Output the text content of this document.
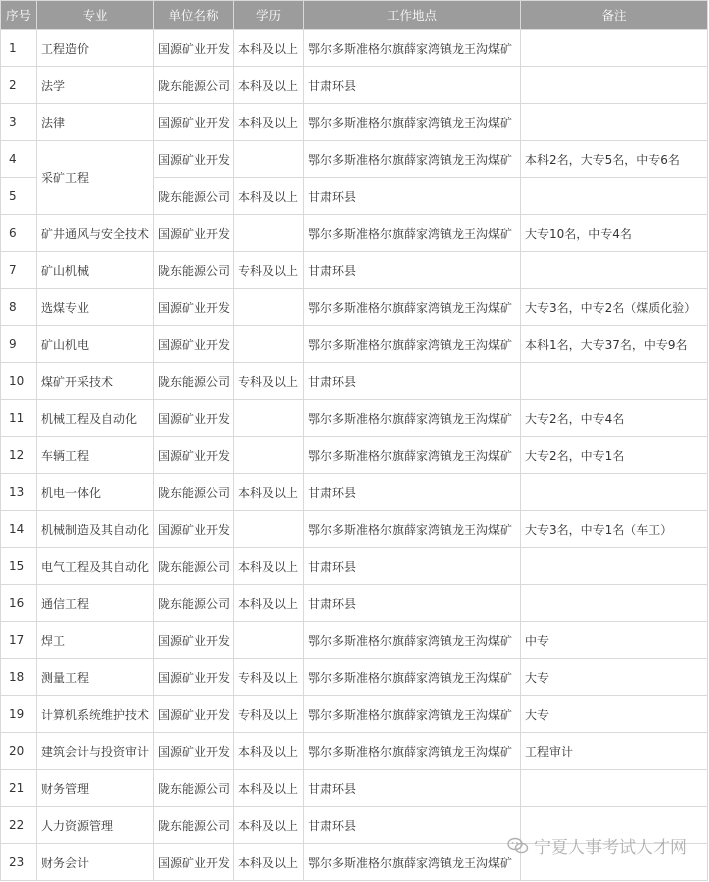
序号	专业	单位名称	学历	工作地点	备注
1	工程造价	国源矿业开发	本科及以上	鄂尔多斯准格尔旗薛家湾镇龙王沟煤矿	
2	法学	陇东能源公司	本科及以上	甘肃环县	
3	法律	国源矿业开发	本科及以上	鄂尔多斯准格尔旗薛家湾镇龙王沟煤矿	
4	采矿工程	国源矿业开发		鄂尔多斯准格尔旗薛家湾镇龙王沟煤矿	本科2名，大专5名，中专6名
5		陇东能源公司	本科及以上	甘肃环县	
6	矿井通风与安全技术	国源矿业开发		鄂尔多斯准格尔旗薛家湾镇龙王沟煤矿	大专10名，中专4名
7	矿山机械	陇东能源公司	专科及以上	甘肃环县	
8	选煤专业	国源矿业开发		鄂尔多斯准格尔旗薛家湾镇龙王沟煤矿	大专3名，中专2名（煤质化验）
9	矿山机电	国源矿业开发		鄂尔多斯准格尔旗薛家湾镇龙王沟煤矿	本科1名，大专37名，中专9名
10	煤矿开采技术	陇东能源公司	专科及以上	甘肃环县	
11	机械工程及自动化	国源矿业开发		鄂尔多斯准格尔旗薛家湾镇龙王沟煤矿	大专2名，中专4名
12	车辆工程	国源矿业开发		鄂尔多斯准格尔旗薛家湾镇龙王沟煤矿	大专2名，中专1名
13	机电一体化	陇东能源公司	本科及以上	甘肃环县	
14	机械制造及其自动化	国源矿业开发		鄂尔多斯准格尔旗薛家湾镇龙王沟煤矿	大专3名，中专1名（车工）
15	电气工程及其自动化	陇东能源公司	本科及以上	甘肃环县	
16	通信工程	陇东能源公司	本科及以上	甘肃环县	
17	焊工	国源矿业开发		鄂尔多斯准格尔旗薛家湾镇龙王沟煤矿	中专
18	测量工程	国源矿业开发	专科及以上	鄂尔多斯准格尔旗薛家湾镇龙王沟煤矿	大专
19	计算机系统维护技术	国源矿业开发	专科及以上	鄂尔多斯准格尔旗薛家湾镇龙王沟煤矿	大专
20	建筑会计与投资审计	国源矿业开发	本科及以上	鄂尔多斯准格尔旗薛家湾镇龙王沟煤矿	工程审计
21	财务管理	陇东能源公司	本科及以上	甘肃环县	
22	人力资源管理	陇东能源公司	本科及以上	甘肃环县	
23	财务会计	国源矿业开发	本科及以上	鄂尔多斯准格尔旗薛家湾镇龙王沟煤矿	
宁夏人事考试人才网
